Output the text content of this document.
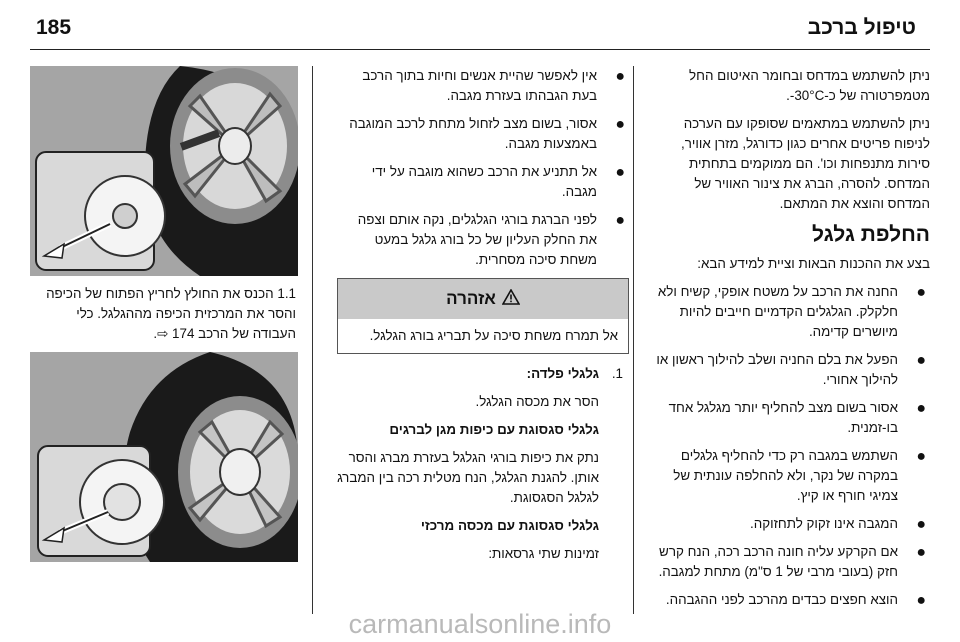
טיפול ברכב
185

ניתן להשתמש במדחס ובחומר האיטום החל מטמפרטורה של כ-‎-30°C.

ניתן להשתמש במתאמים שסופקו עם הערכה לניפוח פריטים אחרים כגון כדורגל, מזרן אוויר, סירות מתנפחות וכו'. הם ממוקמים בתחתית המדחס. להסרה, הברג את צינור האוויר של המדחס והוצא את המתאם.

החלפת גלגל

בצע את ההכנות הבאות וציית למידע הבא:

●
החנה את הרכב על משטח אופקי, קשיח ולא חלקלק. הגלגלים הקדמיים חייבים להיות מיושרים קדימה.
●
הפעל את בלם החניה ושלב להילוך ראשון או להילוך אחורי.
●
אסור בשום מצב להחליף יותר מגלגל אחד בו-זמנית.
●
השתמש במגבה רק כדי להחליף גלגלים במקרה של נקר, ולא להחלפה עונתית של צמיגי חורף או קיץ.
●
המגבה אינו זקוק לתחזוקה.
●
אם הקרקע עליה חונה הרכב רכה, הנח קרש חזק (בעובי מרבי של 1 ס"מ) מתחת למגבה.
●
הוצא חפצים כבדים מהרכב לפני ההגבהה.
●
אין לאפשר שהיית אנשים וחיות בתוך הרכב בעת הגבהתו בעזרת מגבה.
●
אסור, בשום מצב לזחול מתחת לרכב המוגבה באמצעות מגבה.
●
אל תתניע את הרכב כשהוא מוגבה על ידי מגבה.
●
לפני הברגת בורגי הגלגלים, נקה אותם וצפה את החלק העליון של כל בורג גלגל במעט משחת סיכה מסחרית.
אזהרה
אל תמרח משחת סיכה על תבריג בורג הגלגל.
1.

גלגלי פלדה:

הסר את מכסה הגלגל.

גלגלי סגסוגת עם כיפות מגן לברגים

נתק את כיפות בורגי הגלגל בעזרת מברג והסר אותן. להגנת הגלגל, הנח מטלית רכה בין המברג לגלגל הסגסוגת.

גלגלי סגסוגת עם מכסה מרכזי

זמינות שתי גרסאות:

1.1 הכנס את החולץ לחריץ הפתוח של הכיפה והסר את המרכזית הכיפה מההגלגל. כלי העבודה של הרכב 174 ⇨.
carmanualsonline.info
